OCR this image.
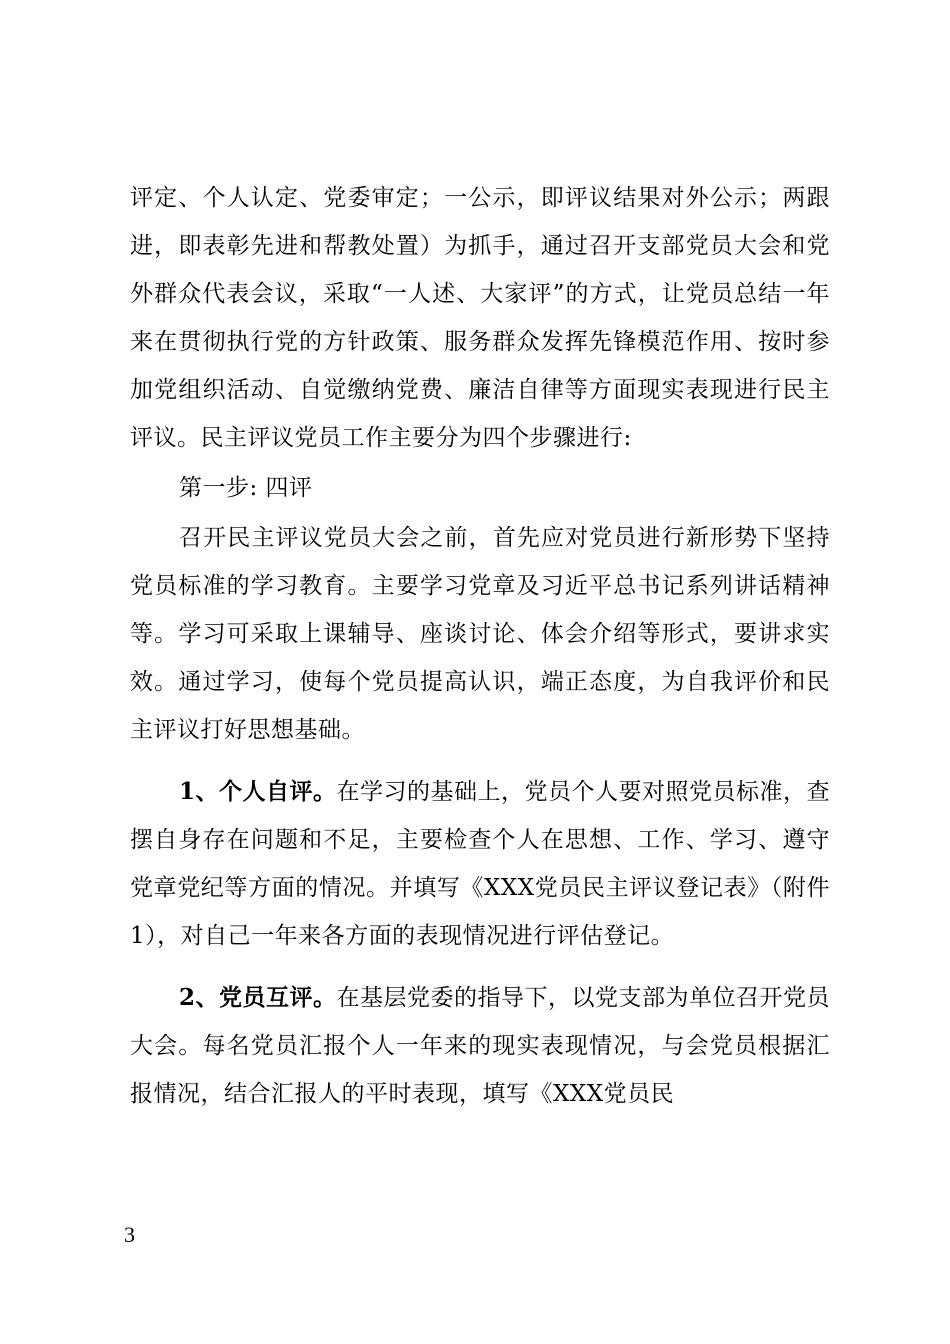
评定、个人认定、党委审定；一公示，即评议结果对外公示；两跟进，即表彰先进和帮教处置）为抓手，通过召开支部党员大会和党外群众代表会议，采取“一人述、大家评”的方式，让党员总结一年来在贯彻执行党的方针政策、服务群众发挥先锋模范作用、按时参加党组织活动、自觉缴纳党费、廉洁自律等方面现实表现进行民主评议。民主评议党员工作主要分为四个步骤进行:

第一步: 四评

召开民主评议党员大会之前，首先应对党员进行新形势下坚持党员标准的学习教育。主要学习党章及习近平总书记系列讲话精神等。学习可采取上课辅导、座谈讨论、体会介绍等形式，要讲求实效。通过学习，使每个党员提高认识，端正态度，为自我评价和民主评议打好思想基础。

1、个人自评。在学习的基础上，党员个人要对照党员标准，查摆自身存在问题和不足，主要检查个人在思想、工作、学习、遵守党章党纪等方面的情况。并填写《XXX党员民主评议登记表》（附件1），对自己一年来各方面的表现情况进行评估登记。

2、党员互评。在基层党委的指导下，以党支部为单位召开党员大会。每名党员汇报个人一年来的现实表现情况，与会党员根据汇报情况，结合汇报人的平时表现，填写《XXX党员民

3
